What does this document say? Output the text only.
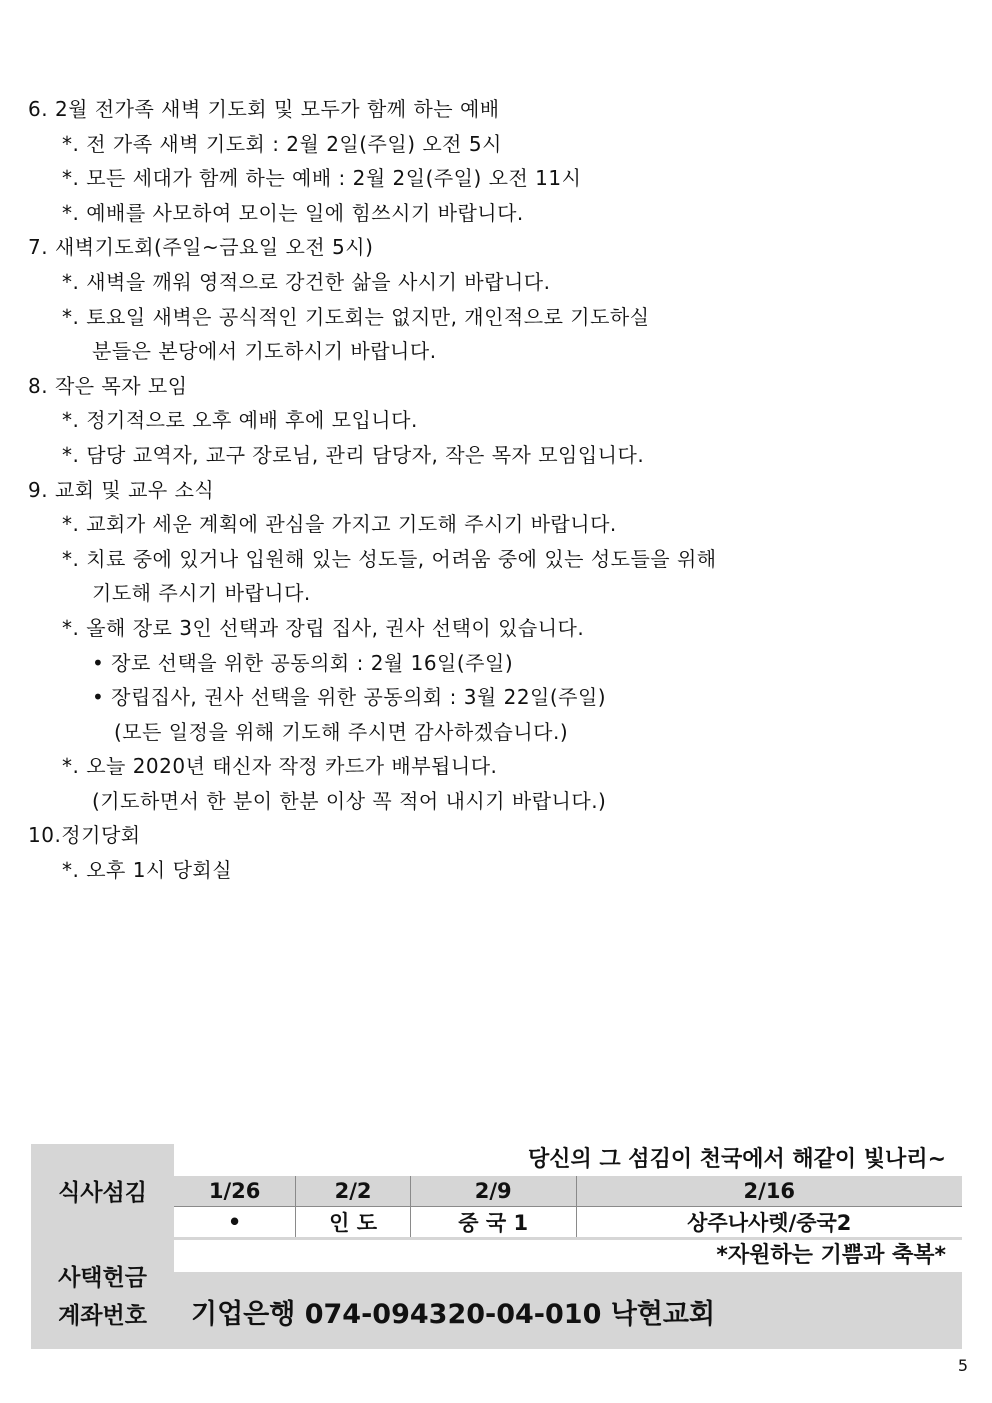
6. 2월 전가족 새벽 기도회 및 모두가 함께 하는 예배
*. 전 가족 새벽 기도회 : 2월 2일(주일) 오전 5시
*. 모든 세대가 함께 하는 예배 : 2월 2일(주일) 오전 11시
*. 예배를 사모하여 모이는 일에 힘쓰시기 바랍니다.
7. 새벽기도회(주일~금요일 오전 5시)
*. 새벽을 깨워 영적으로 강건한 삶을 사시기 바랍니다.
*. 토요일 새벽은 공식적인 기도회는 없지만, 개인적으로 기도하실
분들은 본당에서 기도하시기 바랍니다.
8. 작은 목자 모임
*. 정기적으로 오후 예배 후에 모입니다.
*. 담당 교역자, 교구 장로님, 관리 담당자, 작은 목자 모임입니다.
9. 교회 및 교우 소식
*. 교회가 세운 계획에 관심을 가지고 기도해 주시기 바랍니다.
*. 치료 중에 있거나 입원해 있는 성도들, 어려움 중에 있는 성도들을 위해
기도해 주시기 바랍니다.
*. 올해 장로 3인 선택과 장립 집사, 권사 선택이 있습니다.
• 장로 선택을 위한 공동의회 : 2월 16일(주일)
• 장립집사, 권사 선택을 위한 공동의회 : 3월 22일(주일)
(모든 일정을 위해 기도해 주시면 감사하겠습니다.)
*. 오늘 2020년 태신자 작정 카드가 배부됩니다.
(기도하면서 한 분이 한분 이상 꼭 적어 내시기 바랍니다.)
10.정기당회
*. 오후 1시 당회실
식사섬김
당신의 그 섬김이 천국에서 해같이 빛나리~
1/26	2/2	2/9	2/16
•	인 도	중 국 1	상주나사렛/중국2
*자원하는 기쁨과 축복*
사택헌금
계좌번호	기업은행 074-094320-04-010 낙현교회
5
